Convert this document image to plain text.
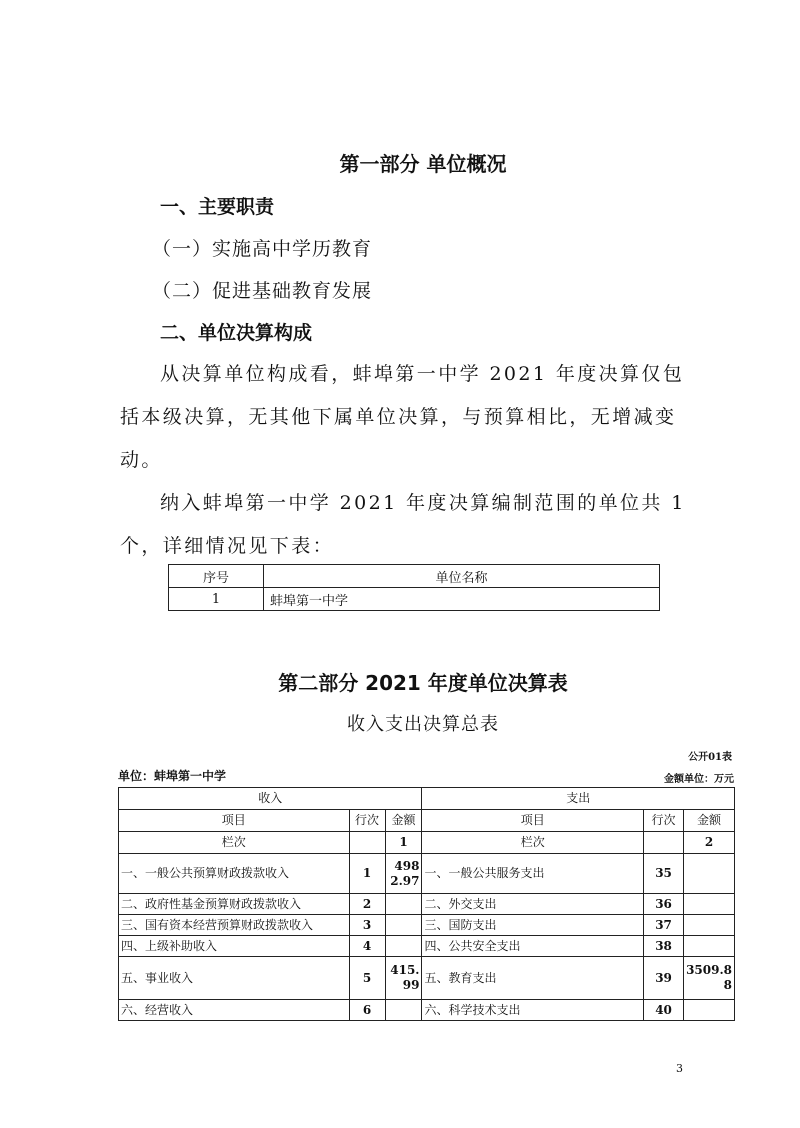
第一部分 单位概况
一、主要职责
（一）实施高中学历教育
（二）促进基础教育发展
二、单位决算构成
从决算单位构成看，蚌埠第一中学 2021 年度决算仅包括本级决算，无其他下属单位决算，与预算相比，无增减变动。
纳入蚌埠第一中学 2021 年度决算编制范围的单位共 1 个，详细情况见下表：
序号	单位名称
1	蚌埠第一中学
第二部分 2021 年度单位决算表
收入支出决算总表
公开01表
单位：蚌埠第一中学	金额单位：万元
收入			支出		
项目	行次	金额	项目	行次	金额
栏次		1	栏次		2
一、一般公共预算财政拨款收入	1	4982.97	一、一般公共服务支出	35	
二、政府性基金预算财政拨款收入	2		二、外交支出	36	
三、国有资本经营预算财政拨款收入	3		三、国防支出	37	
四、上级补助收入	4		四、公共安全支出	38	
五、事业收入	5	415.99	五、教育支出	39	3509.88
六、经营收入	6		六、科学技术支出	40	
3
